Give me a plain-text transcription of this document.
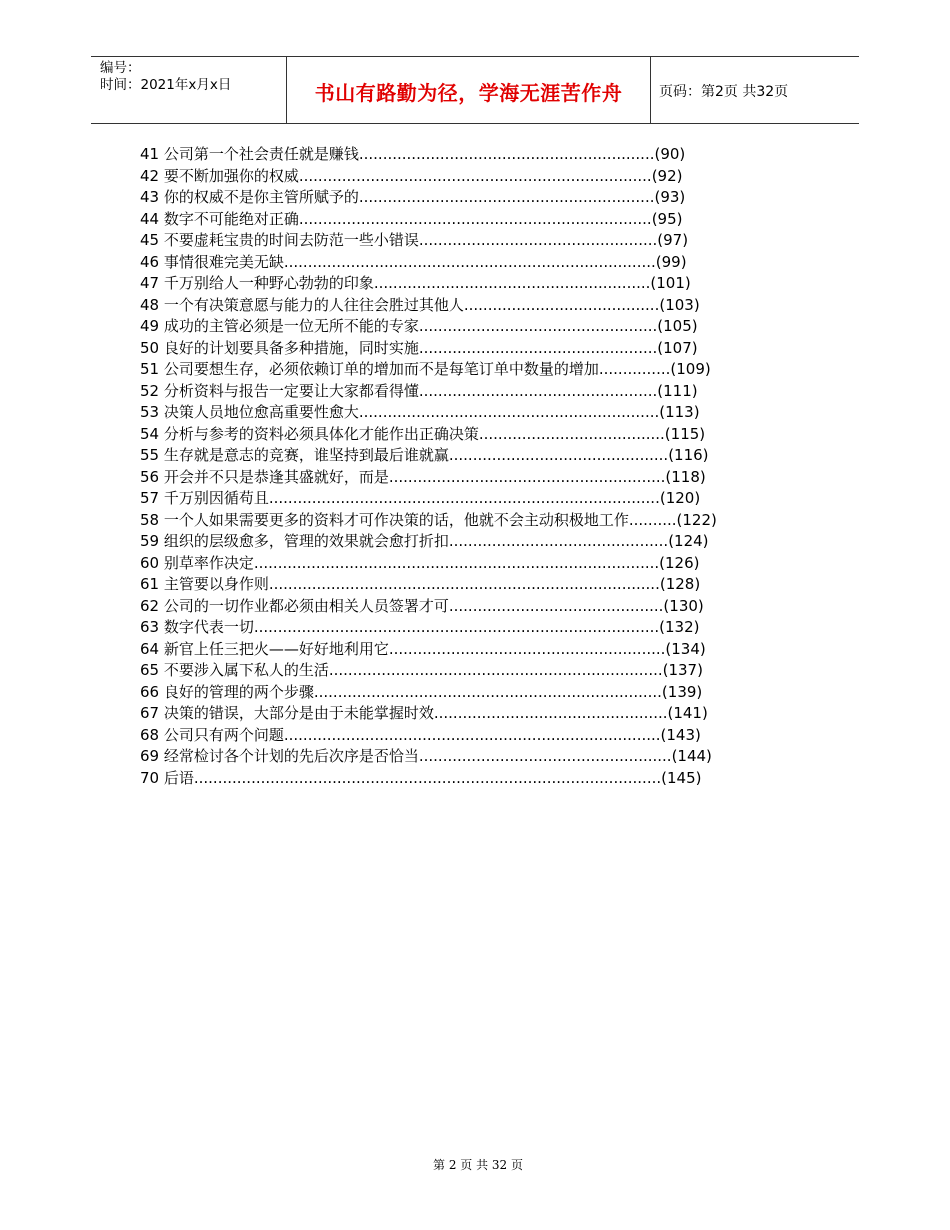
编号：
时间：2021年x月x日	书山有路勤为径，学海无涯苦作舟	页码：第2页 共32页
41 公司第一个社会责任就是赚钱..............................................................(90)
42 要不断加强你的权威..........................................................................(92)
43 你的权威不是你主管所赋予的..............................................................(93)
44 数字不可能绝对正确..........................................................................(95)
45 不要虚耗宝贵的时间去防范一些小错误..................................................(97)
46 事情很难完美无缺..............................................................................(99)
47 千万别给人一种野心勃勃的印象..........................................................(101)
48 一个有决策意愿与能力的人往往会胜过其他人.........................................(103)
49 成功的主管必须是一位无所不能的专家..................................................(105)
50 良好的计划要具备多种措施，同时实施..................................................(107)
51 公司要想生存，必须依赖订单的增加而不是每笔订单中数量的增加...............(109)
52 分析资料与报告一定要让大家都看得懂..................................................(111)
53 决策人员地位愈高重要性愈大...............................................................(113)
54 分析与参考的资料必须具体化才能作出正确决策.......................................(115)
55 生存就是意志的竞赛，谁坚持到最后谁就赢..............................................(116)
56 开会并不只是恭逢其盛就好，而是..........................................................(118)
57 千万别因循苟且..................................................................................(120)
58 一个人如果需要更多的资料才可作决策的话，他就不会主动积极地工作..........(122)
59 组织的层级愈多，管理的效果就会愈打折扣..............................................(124)
60 别草率作决定.....................................................................................(126)
61 主管要以身作则..................................................................................(128)
62 公司的一切作业都必须由相关人员签署才可.............................................(130)
63 数字代表一切.....................................................................................(132)
64 新官上任三把火——好好地利用它..........................................................(134)
65 不要涉入属下私人的生活......................................................................(137)
66 良好的管理的两个步骤.........................................................................(139)
67 决策的错误，大部分是由于未能掌握时效.................................................(141)
68 公司只有两个问题...............................................................................(143)
69 经常检讨各个计划的先后次序是否恰当.....................................................(144)
70 后语..................................................................................................(145)
第 2 页 共 32 页
